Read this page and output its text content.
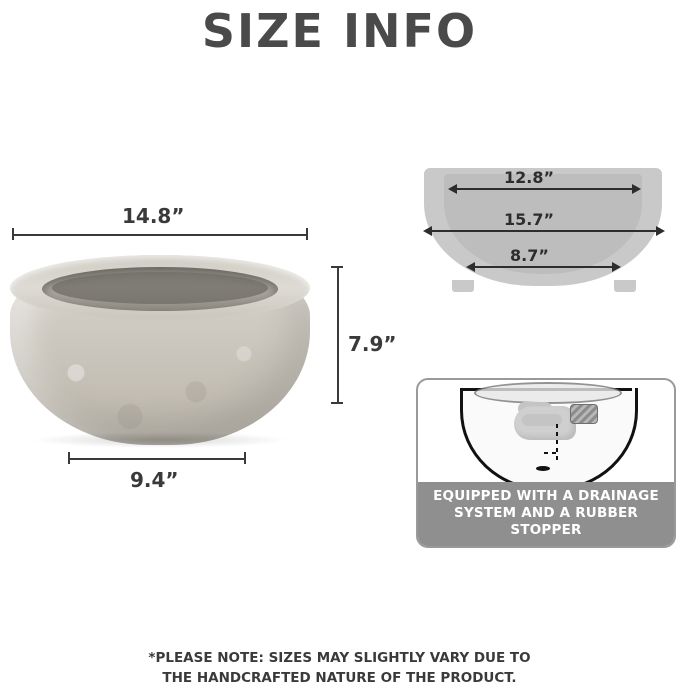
SIZE INFO
14.8”
7.9”
9.4”
12.8”
15.7”
8.7”
EQUIPPED WITH A DRAINAGE
SYSTEM AND A RUBBER STOPPER
*PLEASE NOTE: SIZES MAY SLIGHTLY VARY DUE TO
THE HANDCRAFTED NATURE OF THE PRODUCT.
